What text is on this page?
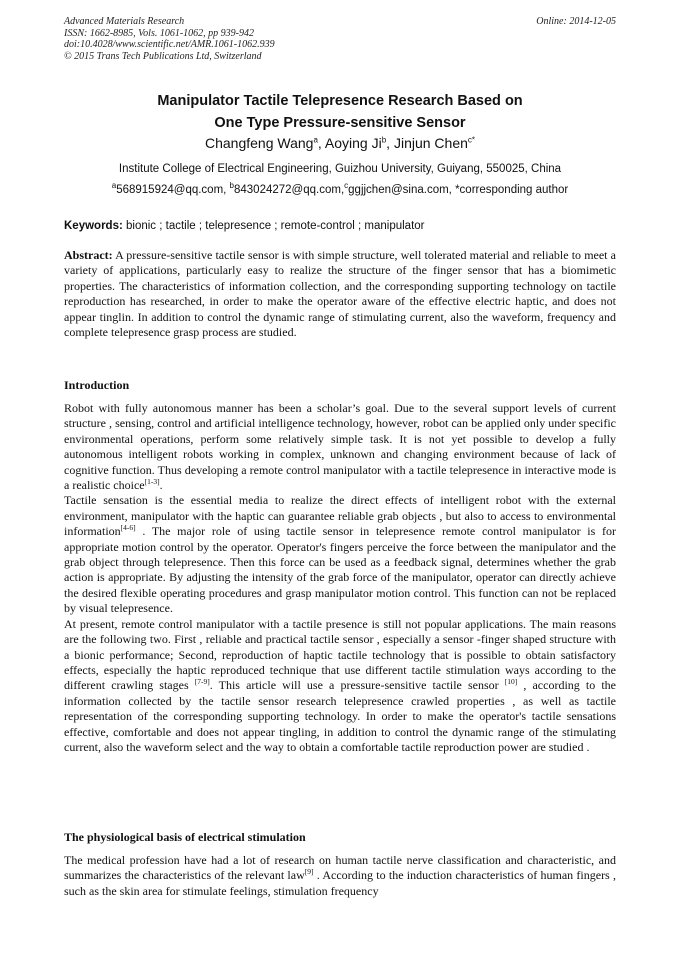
Advanced Materials Research
ISSN: 1662-8985, Vols. 1061-1062, pp 939-942
doi:10.4028/www.scientific.net/AMR.1061-1062.939
© 2015 Trans Tech Publications Ltd, Switzerland
Online: 2014-12-05
Manipulator Tactile Telepresence Research Based on
One Type Pressure-sensitive Sensor
Changfeng Wang$^a$, Aoying Ji$^b$, Jinjun Chen$^{c*}$
Institute College of Electrical Engineering, Guizhou University, Guiyang, 550025, China
$^a$568915924@qq.com, $^b$843024272@qq.com,$^c$ggjjchen@sina.com, *corresponding author
Keywords: bionic ; tactile ; telepresence ; remote-control ; manipulator

Abstract: A pressure-sensitive tactile sensor is with simple structure, well tolerated material and reliable to meet a variety of applications, particularly easy to realize the structure of the finger sensor that has a biomimetic properties. The characteristics of information collection, and the corresponding supporting technology on tactile reproduction has researched, in order to make the operator aware of the effective electric haptic, and does not appear tinglin. In addition to control the dynamic range of stimulating current, also the waveform, frequency and complete telepresence grasp process are studied.

Introduction

Robot with fully autonomous manner has been a scholar’s goal. Due to the several support levels of current structure , sensing, control and artificial intelligence technology, however, robot can be applied only under specific environmental operations, perform some relatively simple task. It is not yet possible to develop a fully autonomous intelligent robots working in complex, unknown and changing environment because of lack of cognitive function. Thus developing a remote control manipulator with a tactile telepresence in interactive mode is a realistic choice[1-3].

Tactile sensation is the essential media to realize the direct effects of intelligent robot with the external environment, manipulator with the haptic can guarantee reliable grab objects , but also to access to environmental information[4-6] . The major role of using tactile sensor in telepresence remote control manipulator is for appropriate motion control by the operator. Operator's fingers perceive the force between the manipulator and the grab object through telepresence. Then this force can be used as a feedback signal, determines whether the grab action is appropriate. By adjusting the intensity of the grab force of the manipulator, operator can directly achieve the desired flexible operating procedures and grasp manipulator motion control. This function can not be replaced by visual telepresence.

At present, remote control manipulator with a tactile presence is still not popular applications. The main reasons are the following two. First , reliable and practical tactile sensor , especially a sensor -finger shaped structure with a bionic performance; Second, reproduction of haptic tactile technology that is possible to obtain satisfactory effects, especially the haptic reproduced technique that use different tactile stimulation ways according to the different crawling stages [7-9]. This article will use a pressure-sensitive tactile sensor [10] , according to the information collected by the tactile sensor research telepresence crawled properties , as well as tactile representation of the corresponding supporting technology. In order to make the operator's tactile sensations effective, comfortable and does not appear tingling, in addition to control the dynamic range of the stimulating current, also the waveform select and the way to obtain a comfortable tactile reproduction power are studied .

The physiological basis of electrical stimulation

The medical profession have had a lot of research on human tactile nerve classification and characteristic, and summarizes the characteristics of the relevant law[9] . According to the induction characteristics of human fingers , such as the skin area for stimulate feelings, stimulation frequency
